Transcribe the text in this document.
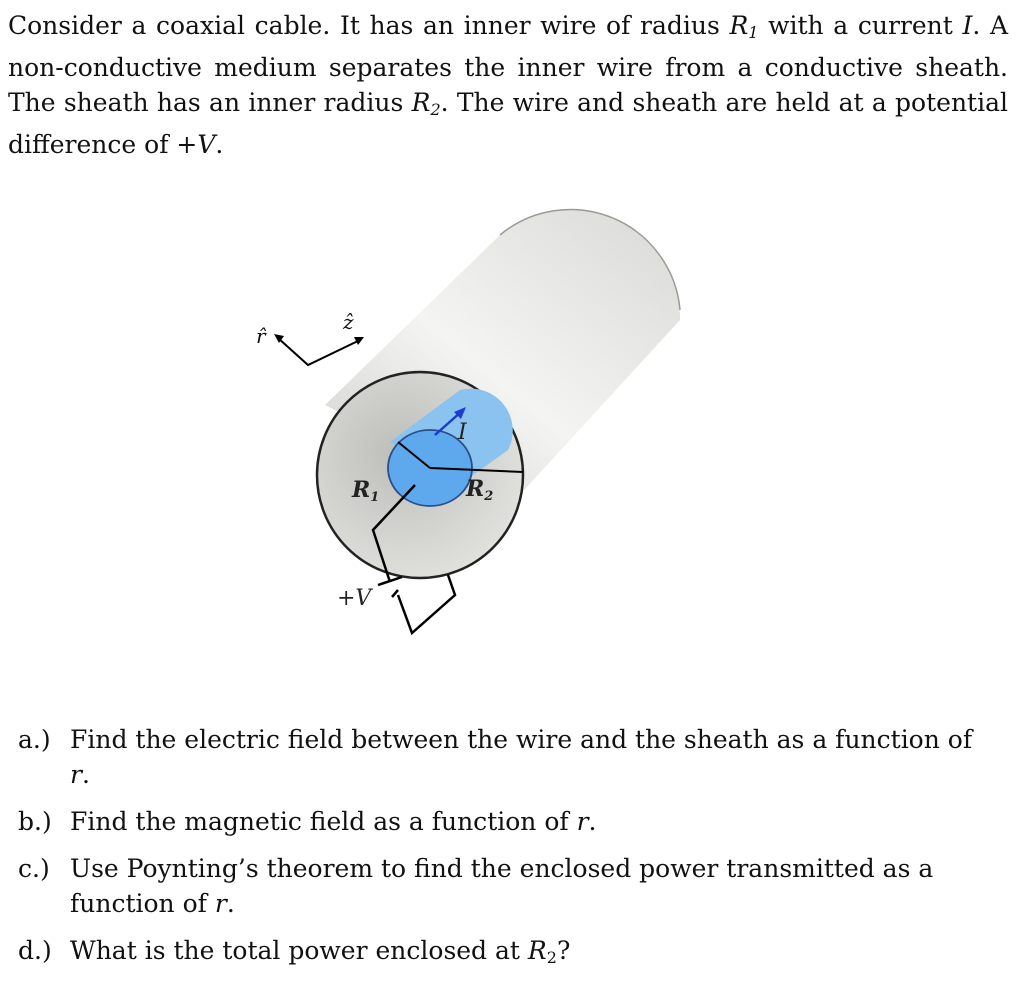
Consider a coaxial cable. It has an inner wire of radius $R_1$ with a current I. A non-conductive medium separates the inner wire from a conductive sheath. The sheath has an inner radius $R_2$. The wire and sheath are held at a potential difference of +V.

r̂
ẑ
$R_1$	$R_2$
I
+V
a.) Find the electric field between the wire and the sheath as a function of r.
b.) Find the magnetic field as a function of r.
c.) Use Poynting’s theorem to find the enclosed power transmitted as a function of r.
d.) What is the total power enclosed at $R_2$?
